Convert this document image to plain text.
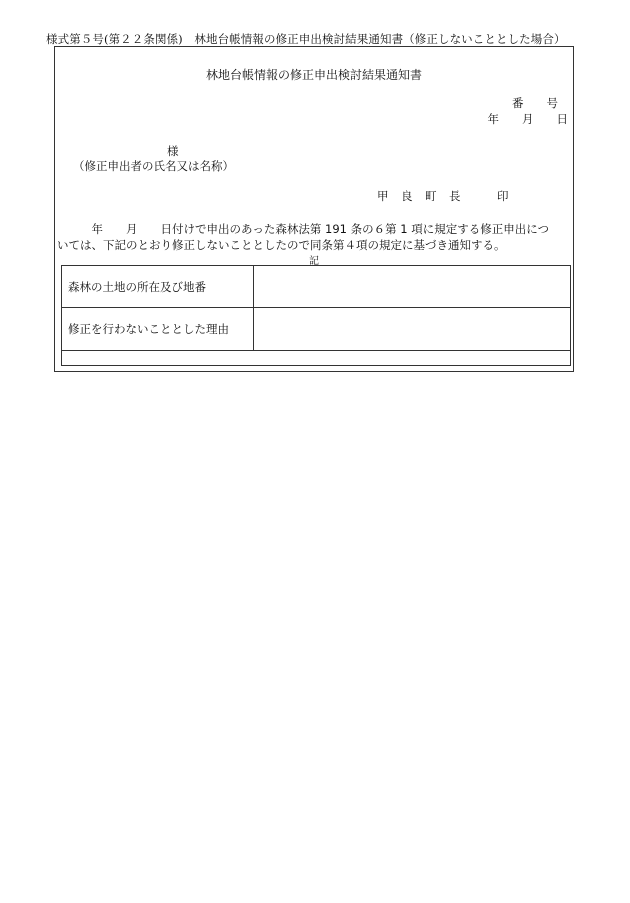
様式第５号(第２２条関係)　林地台帳情報の修正申出検討結果通知書（修正しないこととした場合）
林地台帳情報の修正申出検討結果通知書
番　　号
年　　月　　日
様
（修正申出者の氏名又は名称）
甲　良　町　長　　　印
　　　年　　月　　日付けで申出のあった森林法第 191 条の６第 1 項に規定する修正申出につ
いては、下記のとおり修正しないこととしたので同条第４項の規定に基づき通知する。
記
森林の土地の所在及び地番	
修正を行わないこととした理由	
